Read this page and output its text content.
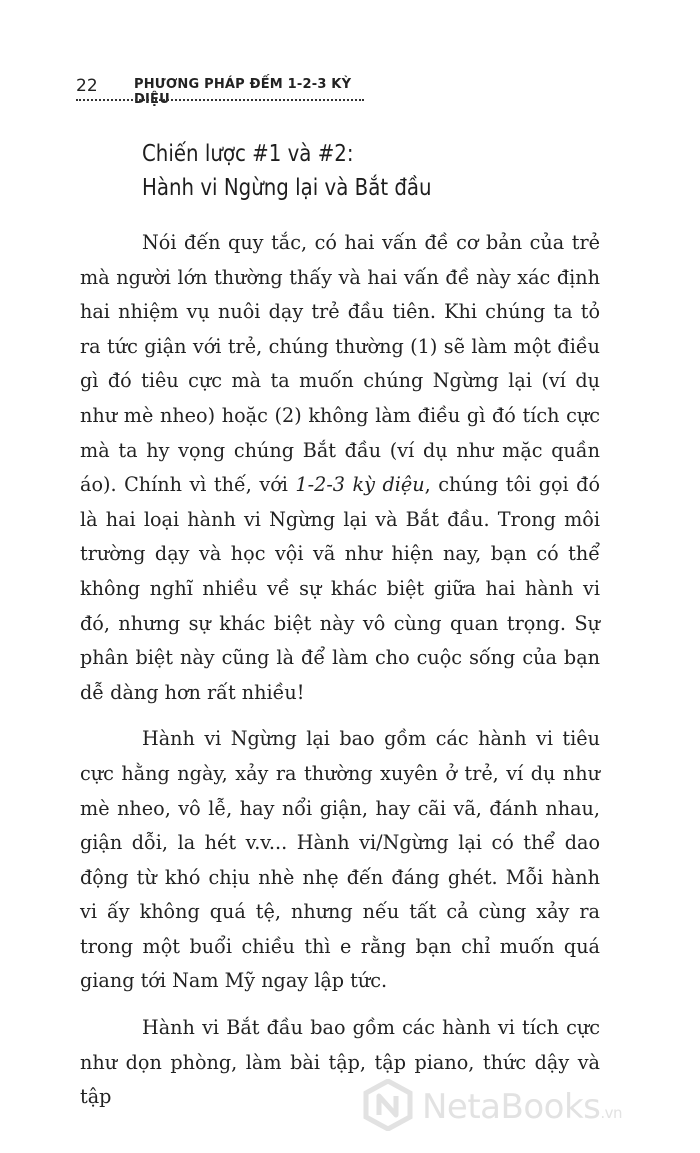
22	PHƯƠNG PHÁP ĐẾM 1-2-3 KỲ DIỆU
Chiến lược #1 và #2:
Hành vi Ngừng lại và Bắt đầu

Nói đến quy tắc, có hai vấn đề cơ bản của trẻ mà người lớn thường thấy và hai vấn đề này xác định hai nhiệm vụ nuôi dạy trẻ đầu tiên. Khi chúng ta tỏ ra tức giận với trẻ, chúng thường (1) sẽ làm một điều gì đó tiêu cực mà ta muốn chúng Ngừng lại (ví dụ như mè nheo) hoặc (2) không làm điều gì đó tích cực mà ta hy vọng chúng Bắt đầu (ví dụ như mặc quần áo). Chính vì thế, với 1-2-3 kỳ diệu, chúng tôi gọi đó là hai loại hành vi Ngừng lại và Bắt đầu. Trong môi trường dạy và học vội vã như hiện nay, bạn có thể không nghĩ nhiều về sự khác biệt giữa hai hành vi đó, nhưng sự khác biệt này vô cùng quan trọng. Sự phân biệt này cũng là để làm cho cuộc sống của bạn dễ dàng hơn rất nhiều!

Hành vi Ngừng lại bao gồm các hành vi tiêu cực hằng ngày, xảy ra thường xuyên ở trẻ, ví dụ như mè nheo, vô lễ, hay nổi giận, hay cãi vã, đánh nhau, giận dỗi, la hét v.v... Hành vi/Ngừng lại có thể dao động từ khó chịu nhè nhẹ đến đáng ghét. Mỗi hành vi ấy không quá tệ, nhưng nếu tất cả cùng xảy ra trong một buổi chiều thì e rằng bạn chỉ muốn quá giang tới Nam Mỹ ngay lập tức.

Hành vi Bắt đầu bao gồm các hành vi tích cực như dọn phòng, làm bài tập, tập piano, thức dậy và tập	NetaBooks.vn
